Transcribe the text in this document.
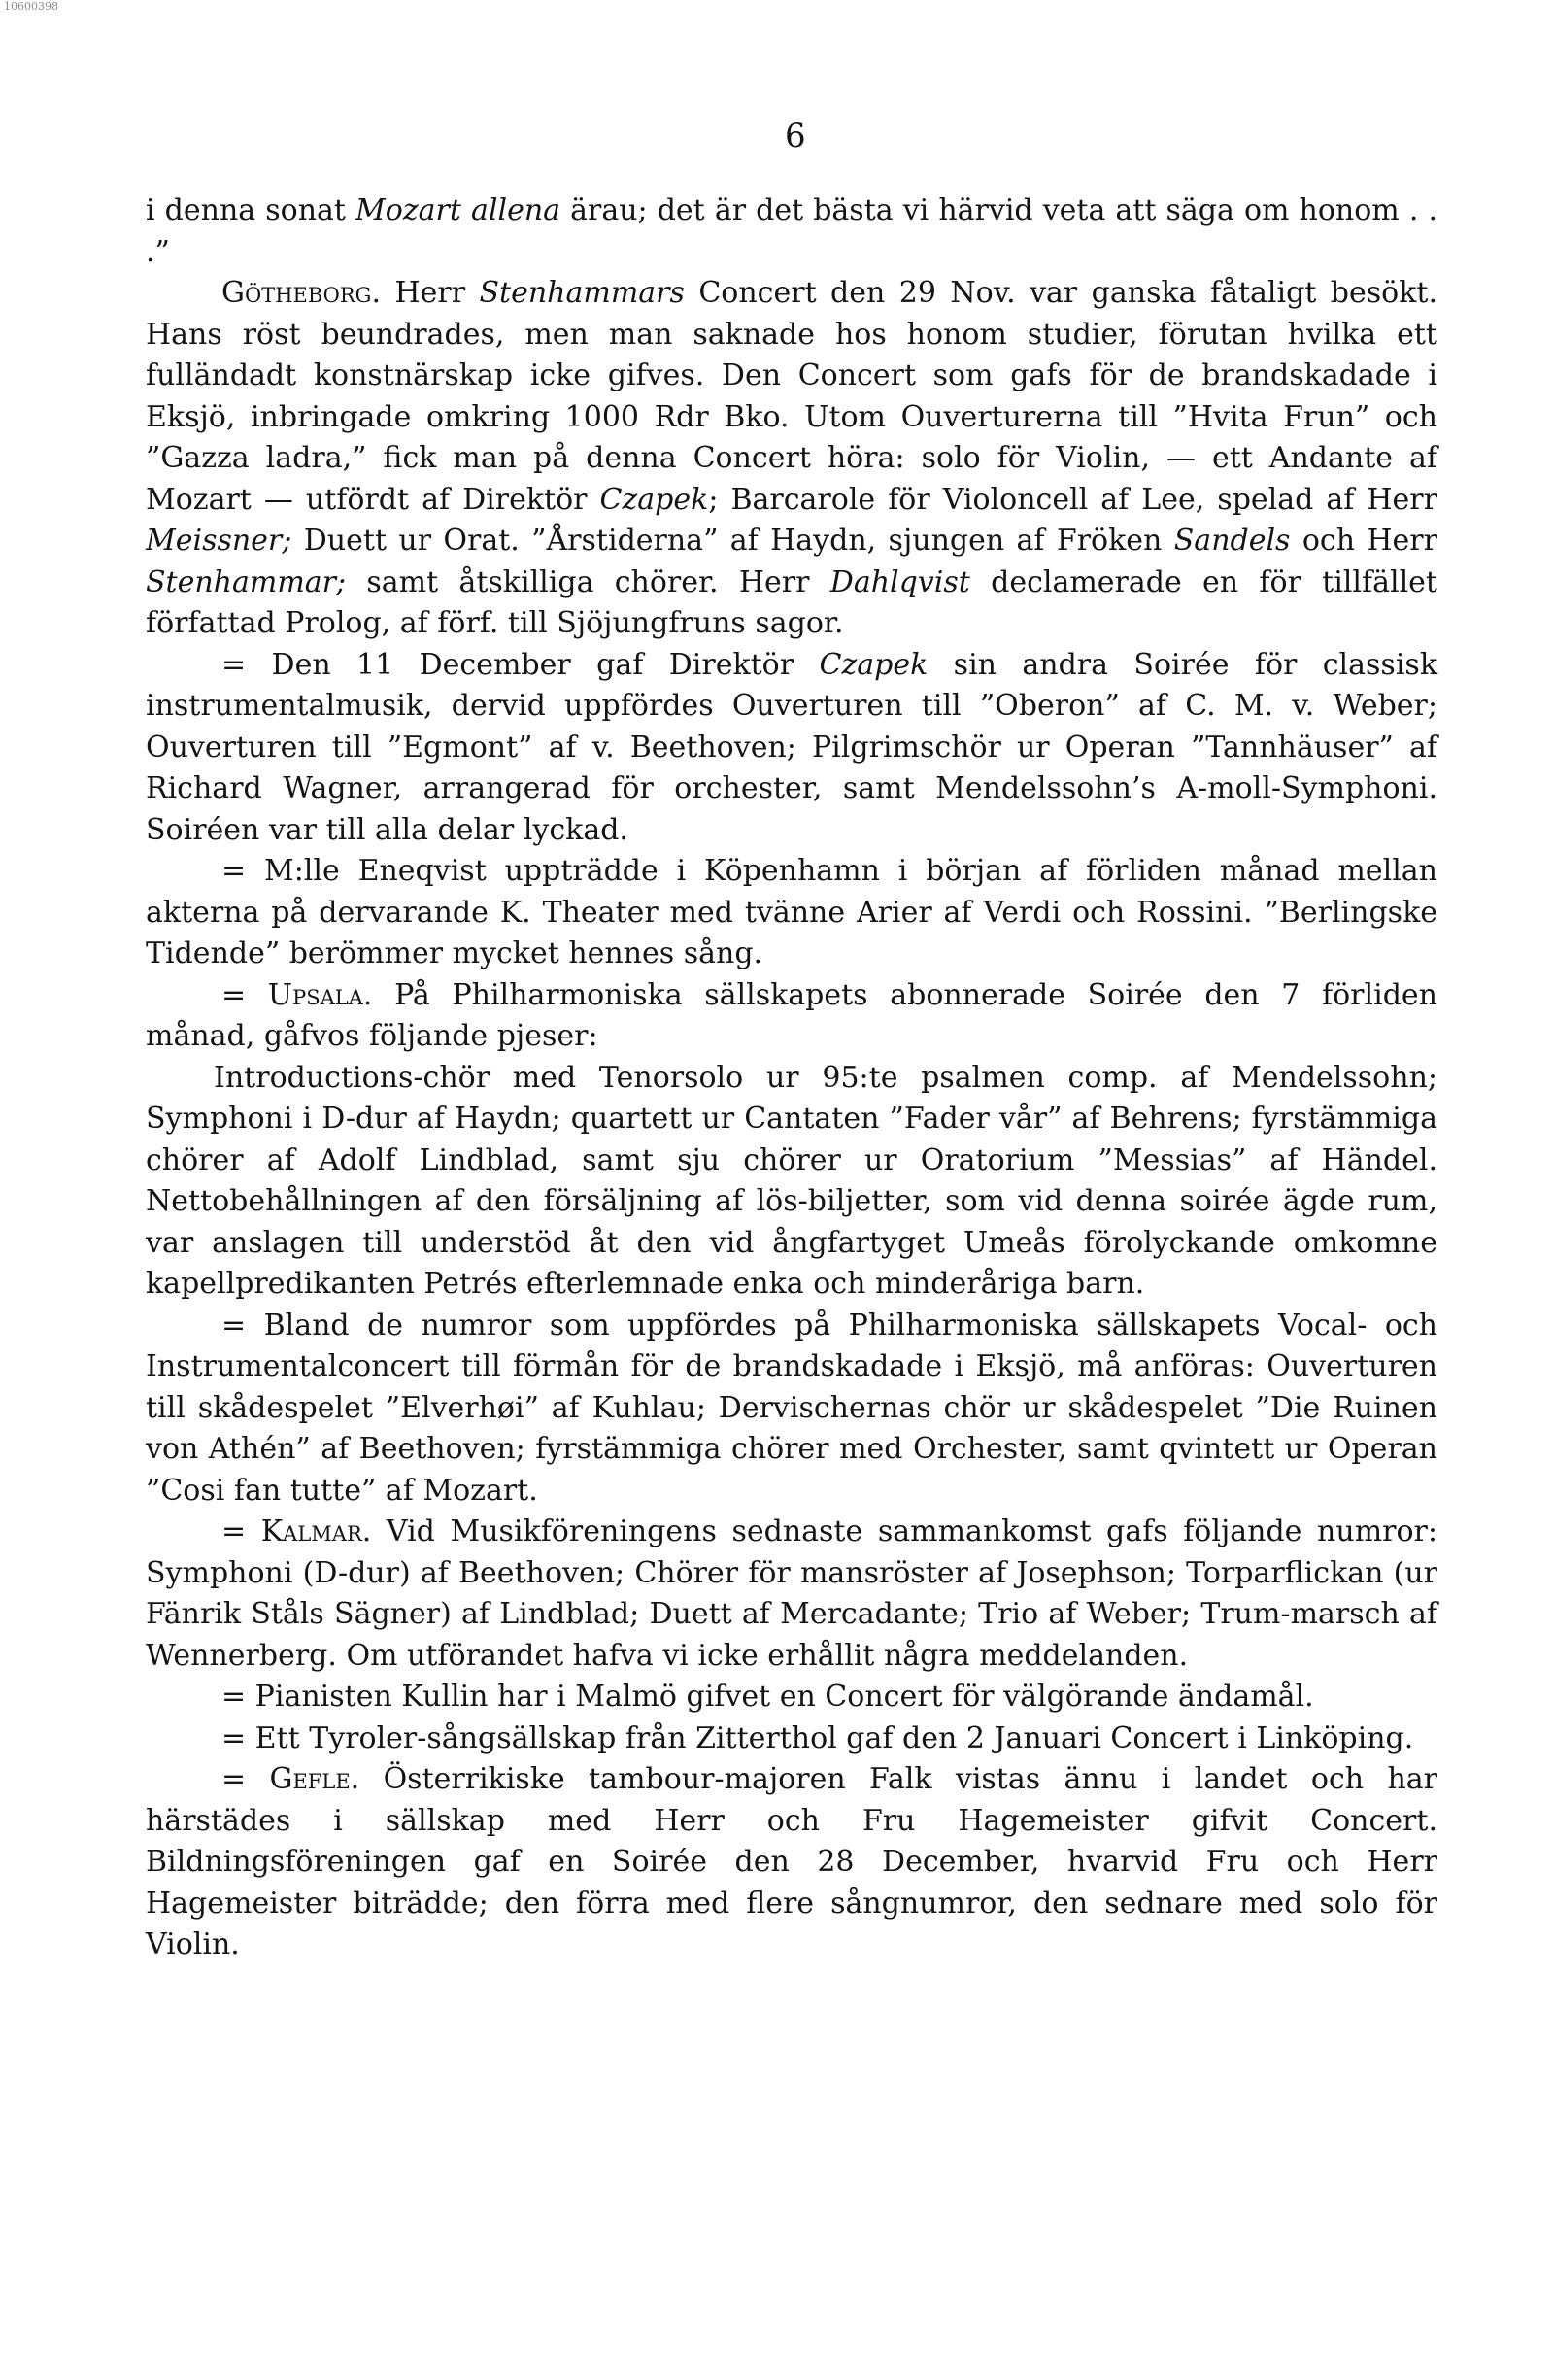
10600398
6

i denna sonat Mozart allena ärau; det är det bästa vi härvid veta att säga om honom . . .”

Götheborg. Herr Stenhammars Concert den 29 Nov. var ganska fåtaligt besökt. Hans röst beundrades, men man saknade hos honom studier, förutan hvilka ett fulländadt konstnärskap icke gifves. Den Concert som gafs för de brandskadade i Eksjö, inbringade omkring 1000 Rdr Bko. Utom Ouverturerna till ”Hvita Frun” och ”Gazza ladra,” fick man på denna Concert höra: solo för Violin, — ett Andante af Mozart — utfördt af Direktör Czapek; Barcarole för Violoncell af Lee, spelad af Herr Meissner; Duett ur Orat. ”Årstiderna” af Haydn, sjungen af Fröken Sandels och Herr Stenhammar; samt åtskilliga chörer. Herr Dahlqvist declamerade en för tillfället författad Prolog, af förf. till Sjöjungfruns sagor.

= Den 11 December gaf Direktör Czapek sin andra Soirée för classisk instrumentalmusik, dervid uppfördes Ouverturen till ”Oberon” af C. M. v. Weber; Ouverturen till ”Egmont” af v. Beethoven; Pilgrimschör ur Operan ”Tannhäuser” af Richard Wagner, arrangerad för orchester, samt Mendelssohn’s A-moll-Symphoni. Soiréen var till alla delar lyckad.

= M:lle Eneqvist uppträdde i Köpenhamn i början af förliden månad mellan akterna på dervarande K. Theater med tvänne Arier af Verdi och Rossini. ”Berlingske Tidende” berömmer mycket hennes sång.

= Upsala. På Philharmoniska sällskapets abonnerade Soirée den 7 förliden månad, gåfvos följande pjeser:

Introductions-chör med Tenorsolo ur 95:te psalmen comp. af Mendelssohn; Symphoni i D-dur af Haydn; quartett ur Cantaten ”Fader vår” af Behrens; fyrstämmiga chörer af Adolf Lindblad, samt sju chörer ur Oratorium ”Messias” af Händel. Nettobehållningen af den försäljning af lös-biljetter, som vid denna soirée ägde rum, var anslagen till understöd åt den vid ångfartyget Umeås förolyckande omkomne kapellpredikanten Petrés efterlemnade enka och minderåriga barn.

= Bland de numror som uppfördes på Philharmoniska sällskapets Vocal- och Instrumentalconcert till förmån för de brandskadade i Eksjö, må anföras: Ouverturen till skådespelet ”Elverhøi” af Kuhlau; Dervischernas chör ur skådespelet ”Die Ruinen von Athén” af Beethoven; fyrstämmiga chörer med Orchester, samt qvintett ur Operan ”Cosi fan tutte” af Mozart.

= Kalmar. Vid Musikföreningens sednaste sammankomst gafs följande numror: Symphoni (D-dur) af Beethoven; Chörer för mansröster af Josephson; Torparflickan (ur Fänrik Ståls Sägner) af Lindblad; Duett af Mercadante; Trio af Weber; Trum-marsch af Wennerberg. Om utförandet hafva vi icke erhållit några meddelanden.

= Pianisten Kullin har i Malmö gifvet en Concert för välgörande ändamål.

= Ett Tyroler-sångsällskap från Zitterthol gaf den 2 Januari Concert i Linköping.

= Gefle. Österrikiske tambour-majoren Falk vistas ännu i landet och har härstädes i sällskap med Herr och Fru Hagemeister gifvit Concert. Bildningsföreningen gaf en Soirée den 28 December, hvarvid Fru och Herr Hagemeister biträdde; den förra med flere sångnumror, den sednare med solo för Violin.
